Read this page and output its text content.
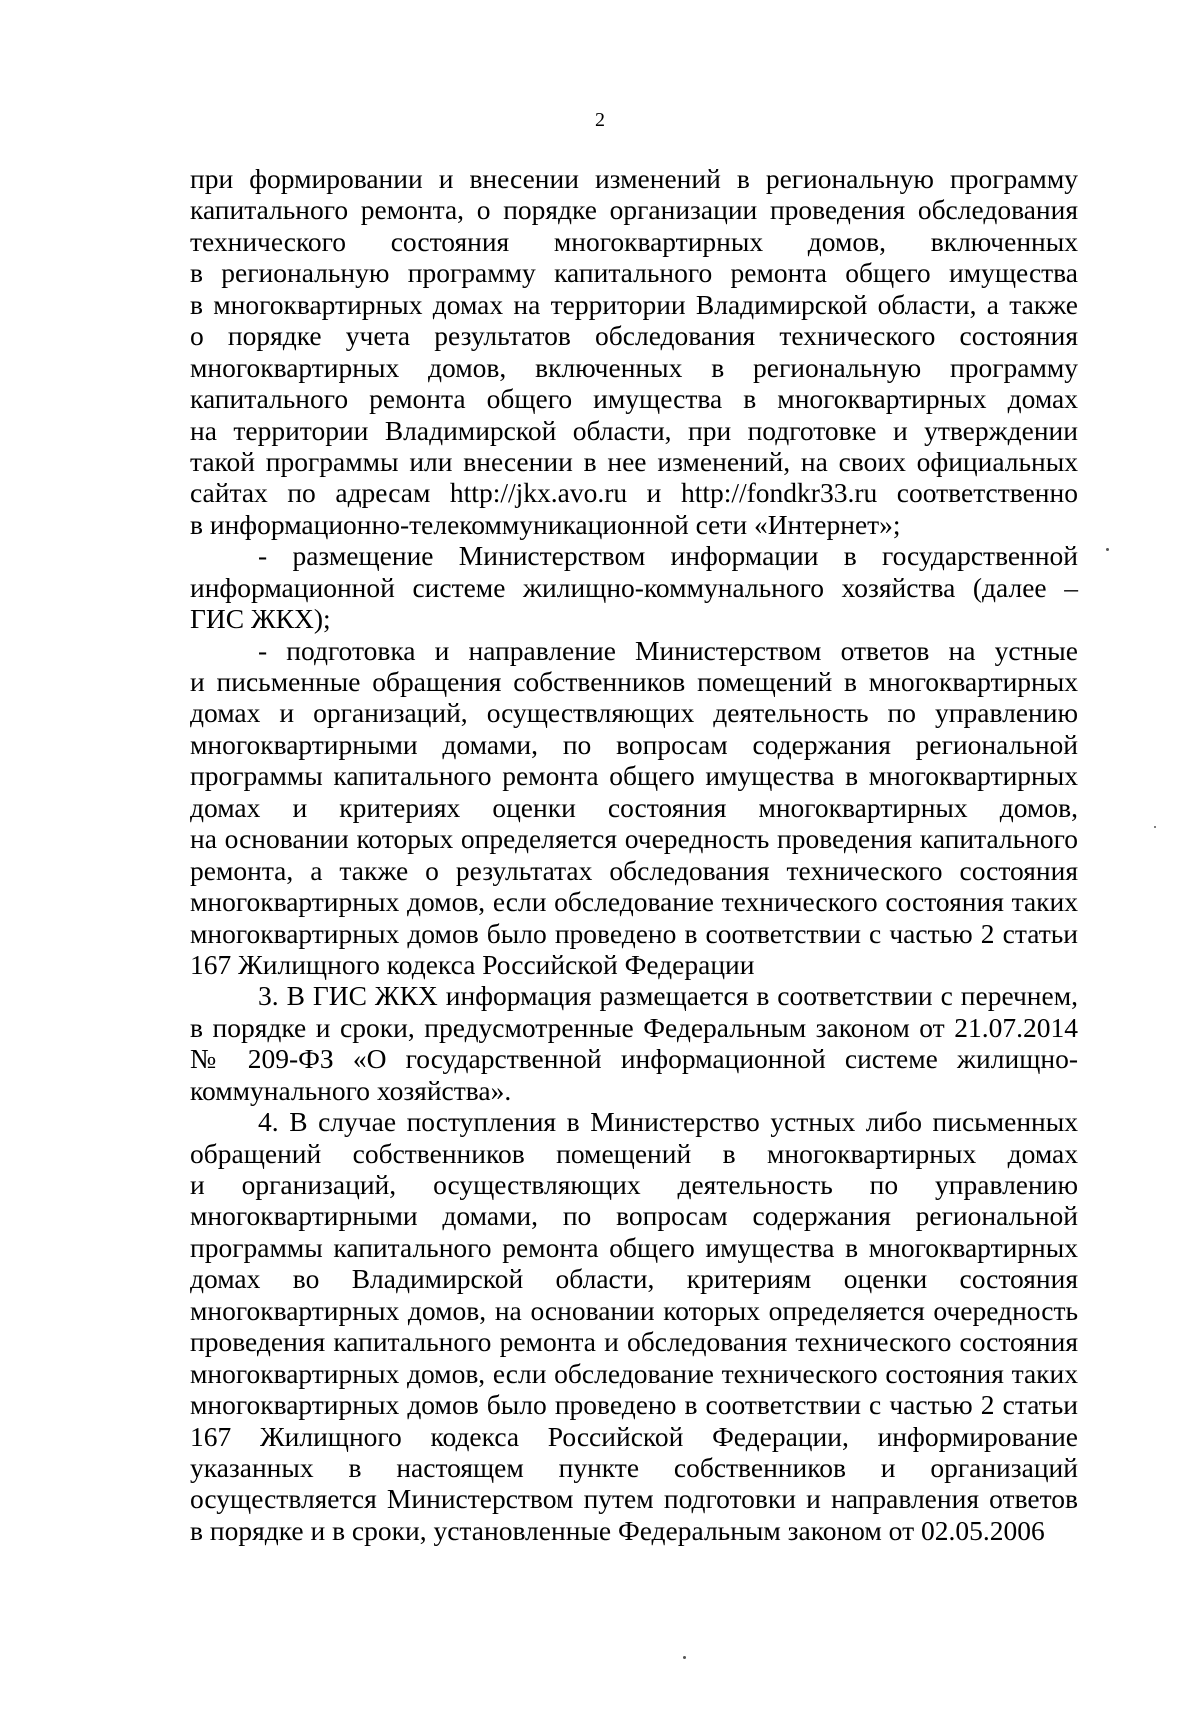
2
при формировании и внесении изменений в региональную программу
капитального ремонта, о порядке организации проведения обследования
технического состояния многоквартирных домов, включенных
в региональную программу капитального ремонта общего имущества
в многоквартирных домах на территории Владимирской области, а также
о порядке учета результатов обследования технического состояния
многоквартирных домов, включенных в региональную программу
капитального ремонта общего имущества в многоквартирных домах
на территории Владимирской области, при подготовке и утверждении
такой программы или внесении в нее изменений, на своих официальных
сайтах по адресам http://jkx.avo.ru и http://fondkr33.ru соответственно
в информационно-телекоммуникационной сети «Интернет»;
- размещение Министерством информации в государственной
информационной системе жилищно-коммунального хозяйства (далее –
ГИС ЖКХ);
- подготовка и направление Министерством ответов на устные
и письменные обращения собственников помещений в многоквартирных
домах и организаций, осуществляющих деятельность по управлению
многоквартирными домами, по вопросам содержания региональной
программы капитального ремонта общего имущества в многоквартирных
домах и критериях оценки состояния многоквартирных домов,
на основании которых определяется очередность проведения капитального
ремонта, а также о результатах обследования технического состояния
многоквартирных домов, если обследование технического состояния таких
многоквартирных домов было проведено в соответствии с частью 2 статьи
167 Жилищного кодекса Российской Федерации
3. В ГИС ЖКХ информация размещается в соответствии с перечнем,
в порядке и сроки, предусмотренные Федеральным законом от 21.07.2014
№ 209-ФЗ «О государственной информационной системе жилищно-
коммунального хозяйства».
4. В случае поступления в Министерство устных либо письменных
обращений собственников помещений в многоквартирных домах
и организаций, осуществляющих деятельность по управлению
многоквартирными домами, по вопросам содержания региональной
программы капитального ремонта общего имущества в многоквартирных
домах во Владимирской области, критериям оценки состояния
многоквартирных домов, на основании которых определяется очередность
проведения капитального ремонта и обследования технического состояния
многоквартирных домов, если обследование технического состояния таких
многоквартирных домов было проведено в соответствии с частью 2 статьи
167 Жилищного кодекса Российской Федерации, информирование
указанных в настоящем пункте собственников и организаций
осуществляется Министерством путем подготовки и направления ответов
в порядке и в сроки, установленные Федеральным законом от 02.05.2006
